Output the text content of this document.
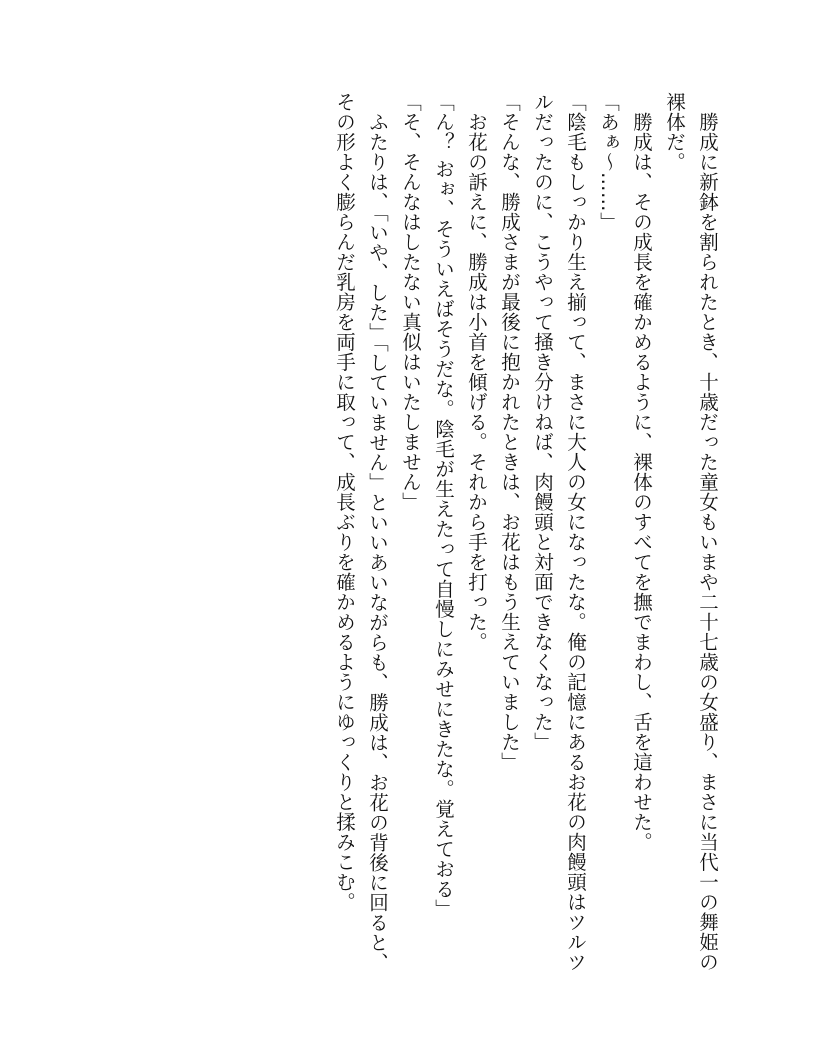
勝成に新鉢を割られたとき、十歳だった童女もいまや二十七歳の女盛り、まさに当代一の舞姫の裸体だ。

勝成は、その成長を確かめるように、裸体のすべてを撫でまわし、舌を這わせた。

「あぁ～……」

「陰毛もしっかり生え揃って、まさに大人の女になったな。俺の記憶にあるお花の肉饅頭はツルツルだったのに、こうやって掻き分けねば、肉饅頭と対面できなくなった」

「そんな、勝成さまが最後に抱かれたときは、お花はもう生えていました」

お花の訴えに、勝成は小首を傾げる。それから手を打った。

「ん？ おぉ、そういえばそうだな。陰毛が生えたって自慢しにみせにきたな。覚えておる」

「そ、そんなはしたない真似はいたしません」

ふたりは、「いや、した」「していません」といいあいながらも、勝成は、お花の背後に回ると、その形よく膨らんだ乳房を両手に取って、成長ぶりを確かめるようにゆっくりと揉みこむ。
